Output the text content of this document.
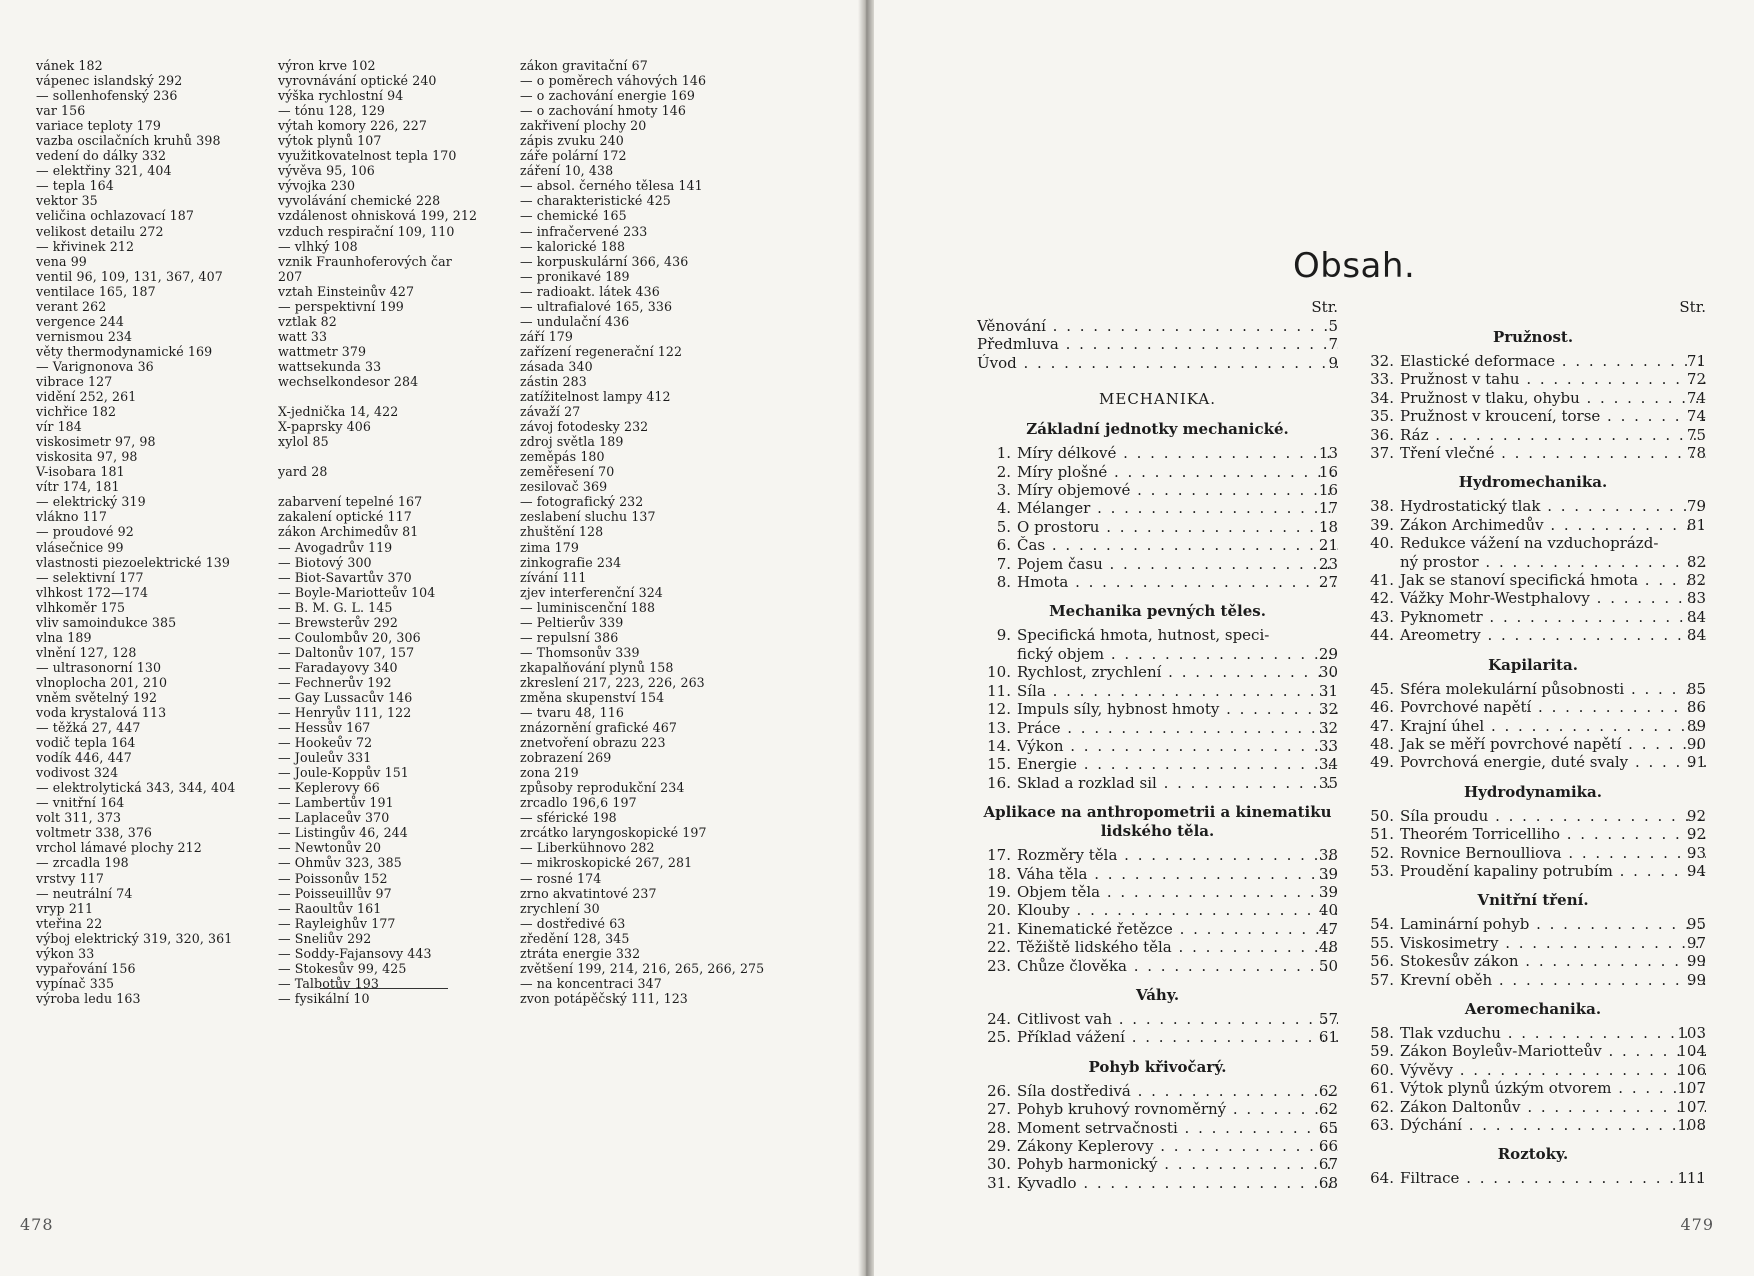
vánek 182
vápenec islandský 292
— sollenhofenský 236
var 156
variace teploty 179
vazba oscilačních kruhů 398
vedení do dálky 332
— elektřiny 321, 404
— tepla 164
vektor 35
veličina ochlazovací 187
velikost detailu 272
— křivinek 212
vena 99
ventil 96, 109, 131, 367, 407
ventilace 165, 187
verant 262
vergence 244
vernismou 234
věty thermodynamické 169
— Varignonova 36
vibrace 127
vidění 252, 261
vichřice 182
vír 184
viskosimetr 97, 98
viskosita 97, 98
V-isobara 181
vítr 174, 181
— elektrický 319
vlákno 117
— proudové 92
vlásečnice 99
vlastnosti piezoelektrické 139
— selektivní 177
vlhkost 172—174
vlhkoměr 175
vliv samoindukce 385
vlna 189
vlnění 127, 128
— ultrasonorní 130
vlnoplocha 201, 210
vněm světelný 192
voda krystalová 113
— těžká 27, 447
vodič tepla 164
vodík 446, 447
vodivost 324
— elektrolytická 343, 344, 404
— vnitřní 164
volt 311, 373
voltmetr 338, 376
vrchol lámavé plochy 212
— zrcadla 198
vrstvy 117
— neutrální 74
vryp 211
vteřina 22
výboj elektrický 319, 320, 361
výkon 33
vypařování 156
vypínač 335
výroba ledu 163
výron krve 102
vyrovnávání optické 240
výška rychlostní 94
— tónu 128, 129
výtah komory 226, 227
výtok plynů 107
využitkovatelnost tepla 170
vývěva 95, 106
vývojka 230
vyvolávání chemické 228
vzdálenost ohnisková 199, 212
vzduch respirační 109, 110
— vlhký 108
vznik Fraunhoferových čar
207
vztah Einsteinův 427
— perspektivní 199
vztlak 82
watt 33
wattmetr 379
wattsekunda 33
wechselkondesor 284
X-jednička 14, 422
X-paprsky 406
xylol 85
yard 28
zabarvení tepelné 167
zakalení optické 117
zákon Archimedův 81
— Avogadrův 119
— Biotový 300
— Biot-Savartův 370
— Boyle-Mariotteův 104
— B. M. G. L. 145
— Brewsterův 292
— Coulombův 20, 306
— Daltonův 107, 157
— Faradayovy 340
— Fechnerův 192
— Gay Lussacův 146
— Henryův 111, 122
— Hessův 167
— Hookeův 72
— Jouleův 331
— Joule-Koppův 151
— Keplerovy 66
— Lambertův 191
— Laplaceův 370
— Listingův 46, 244
— Newtonův 20
— Ohmův 323, 385
— Poissonův 152
— Poisseuillův 97
— Raoultův 161
— Rayleighův 177
— Sneliův 292
— Soddy-Fajansovy 443
— Stokesův 99, 425
— Talbotův 193
— fysikální 10
zákon gravitační 67
— o poměrech váhových 146
— o zachování energie 169
— o zachování hmoty 146
zakřivení plochy 20
zápis zvuku 240
záře polární 172
záření 10, 438
— absol. černého tělesa 141
— charakteristické 425
— chemické 165
— infračervené 233
— kalorické 188
— korpuskulární 366, 436
— pronikavé 189
— radioakt. látek 436
— ultrafialové 165, 336
— undulační 436
září 179
zařízení regenerační 122
zásada 340
zástin 283
zatížitelnost lampy 412
závaží 27
závoj fotodesky 232
zdroj světla 189
zeměpás 180
zeměřesení 70
zesilovač 369
— fotografický 232
zeslabení sluchu 137
zhuštění 128
zima 179
zinkografie 234
zívání 111
zjev interferenční 324
— luminiscenční 188
— Peltierův 339
— repulsní 386
— Thomsonův 339
zkapalňování plynů 158
zkreslení 217, 223, 226, 263
změna skupenství 154
— tvaru 48, 116
znázornění grafické 467
znetvoření obrazu 223
zobrazení 269
zona 219
způsoby reprodukční 234
zrcadlo 196,6 197
— sférické 198
zrcátko laryngoskopické 197
— Liberkühnovo 282
— mikroskopické 267, 281
— rosné 174
zrno akvatintové 237
zrychlení 30
— dostředivé 63
zředění 128, 345
ztráta energie 332
zvětšení 199, 214, 216, 265, 266, 275
— na koncentraci 347
zvon potápěčský 111, 123
478	479
Obsah.
Str.
Věnování . . .	5
Předmluva . . .	7
Úvod . . .	9
MECHANIKA.
Základní jednotky mechanické.
1. Míry délkové . . .	13
2. Míry plošné . . .	16
3. Míry objemové . . .	16
4. Mélanger . . .	17
5. O prostoru . . .	18
6. Čas . . .	21
7. Pojem času . . .	23
8. Hmota . . .	27
Mechanika pevných těles.
9. Specifická hmota, hutnost, speci-
fický objem . . .	29
10. Rychlost, zrychlení . . .	30
11. Síla . . .	31
12. Impuls síly, hybnost hmoty . . .	32
13. Práce . . .	32
14. Výkon . . .	33
15. Energie . . .	34
16. Sklad a rozklad sil . . .	35
Aplikace na anthropometrii a kinematiku lidského těla.
17. Rozměry těla . . .	38
18. Váha těla . . .	39
19. Objem těla . . .	39
20. Klouby . . .	40
21. Kinematické řetězce . . .	47
22. Těžiště lidského těla . . .	48
23. Chůze člověka . . .	50
Váhy.
24. Citlivost vah . . .	57
25. Příklad vážení . . .	61
Pohyb křivočarý.
26. Síla dostředivá . . .	62
27. Pohyb kruhový rovnoměrný . . .	62
28. Moment setrvačnosti . . .	65
29. Zákony Keplerovy . . .	66
30. Pohyb harmonický . . .	67
31. Kyvadlo . . .	68
Str.
Pružnost.
32. Elastické deformace . . .	71
33. Pružnost v tahu . . .	72
34. Pružnost v tlaku, ohybu . . .	74
35. Pružnost v kroucení, torse . . .	74
36. Ráz . . .	75
37. Tření vlečné . . .	78
Hydromechanika.
38. Hydrostatický tlak . . .	79
39. Zákon Archimedův . . .	81
40. Redukce vážení na vzduchoprázd-
ný prostor . . .	82
41. Jak se stanoví specifická hmota . . .	82
42. Vážky Mohr-Westphalovy . . .	83
43. Pyknometr . . .	84
44. Areometry . . .	84
Kapilarita.
45. Sféra molekulární působnosti . . .	85
46. Povrchové napětí . . .	86
47. Krajní úhel . . .	89
48. Jak se měří povrchové napětí . . .	90
49. Povrchová energie, duté svaly . . .	91
Hydrodynamika.
50. Síla proudu . . .	92
51. Theorém Torricelliho . . .	92
52. Rovnice Bernoulliova . . .	93
53. Proudění kapaliny potrubím . . .	94
Vnitřní tření.
54. Laminární pohyb . . .	95
55. Viskosimetry . . .	97
56. Stokesův zákon . . .	99
57. Krevní oběh . . .	99
Aeromechanika.
58. Tlak vzduchu . . .	103
59. Zákon Boyleův-Mariotteův . . .	104
60. Vývěvy . . .	106
61. Výtok plynů úzkým otvorem . . .	107
62. Zákon Daltonův . . .	107
63. Dýchání . . .	108
Roztoky.
64. Filtrace . . .	111
